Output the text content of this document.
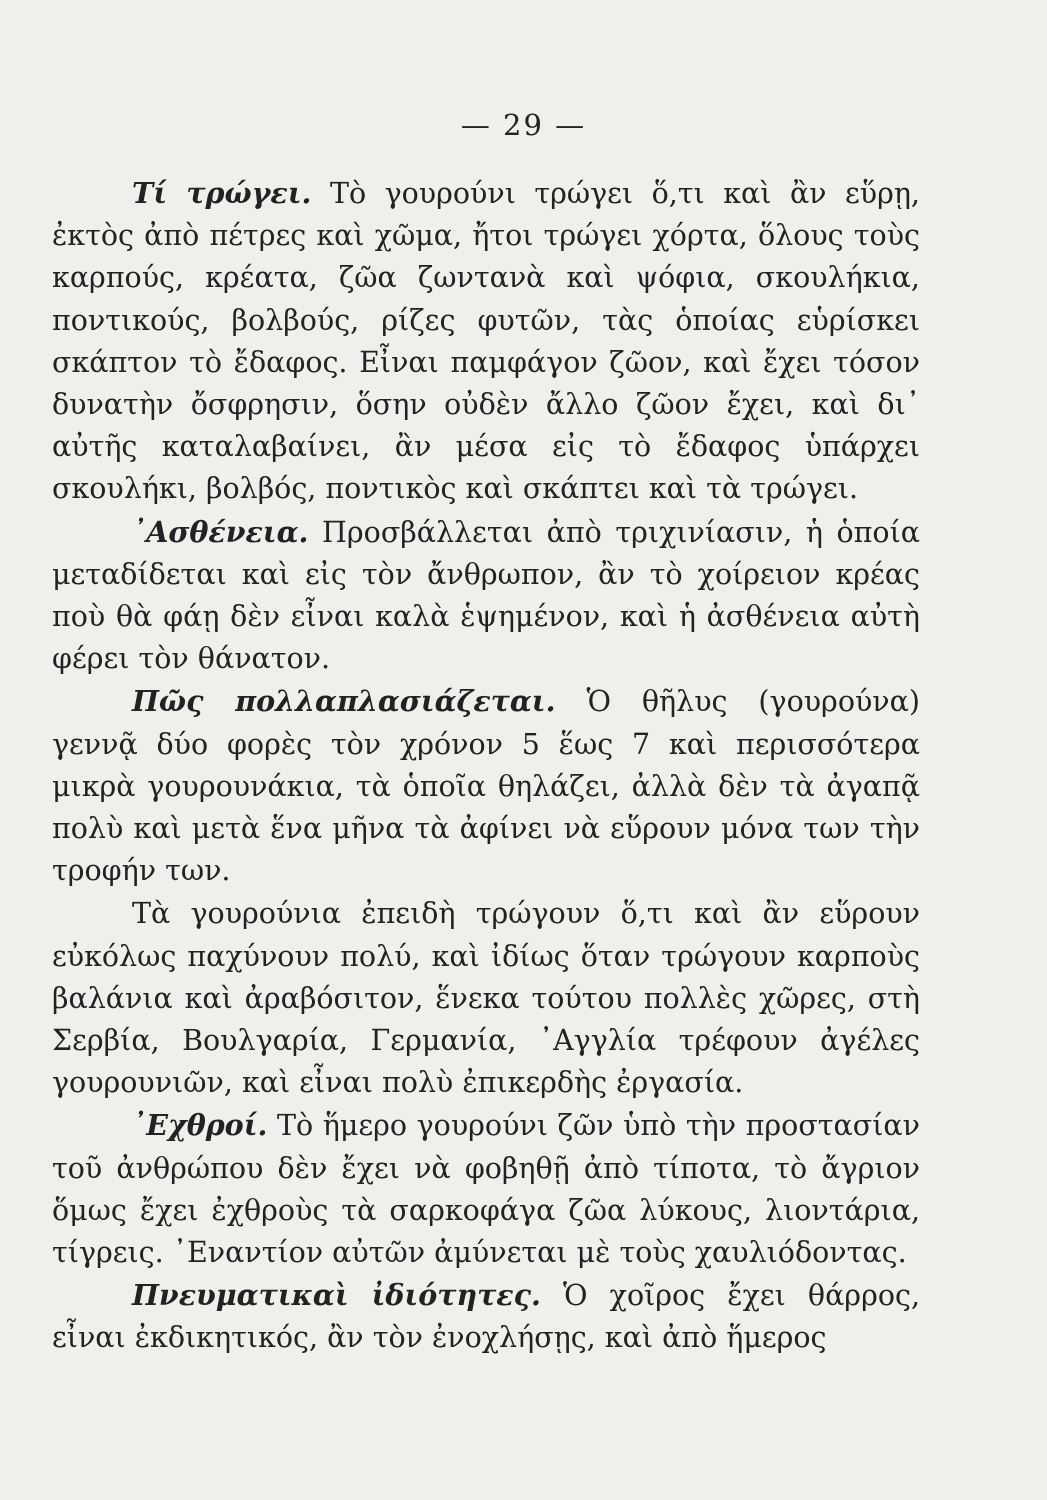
— 29 —

Τί τρώγει. Τὸ γουρούνι τρώγει ὅ,τι καὶ ἂν εὕρῃ, ἐκτὸς ἀπὸ πέτρες καὶ χῶμα, ἤτοι τρώγει χόρτα, ὅλους τοὺς καρπούς, κρέατα, ζῶα ζωντανὰ καὶ ψόφια, σκουλήκια, ποντικούς, βολβούς, ρίζες φυτῶν, τὰς ὁποίας εὑρίσκει σκάπτον τὸ ἔδαφος. Εἶναι παμφάγον ζῶον, καὶ ἔχει τόσον δυνατὴν ὄσφρησιν, ὅσην οὐδὲν ἄλλο ζῶον ἔχει, καὶ δι᾽ αὐτῆς καταλαβαίνει, ἂν μέσα εἰς τὸ ἔδαφος ὑπάρχει σκουλήκι, βολβός, ποντικὸς καὶ σκάπτει καὶ τὰ τρώγει.

᾿Ασθένεια. Προσβάλλεται ἀπὸ τριχινίασιν, ἡ ὁποία μεταδίδεται καὶ εἰς τὸν ἄνθρωπον, ἂν τὸ χοίρειον κρέας ποὺ θὰ φάῃ δὲν εἶναι καλὰ ἑψημένον, καὶ ἡ ἀσθένεια αὐτὴ φέρει τὸν θάνατον.

Πῶς πολλαπλασιάζεται. Ὁ θῆλυς (γουρούνα) γεννᾷ δύο φορὲς τὸν χρόνον 5 ἕως 7 καὶ περισσότερα μικρὰ γουρουνάκια, τὰ ὁποῖα θηλάζει, ἀλλὰ δὲν τὰ ἀγαπᾷ πολὺ καὶ μετὰ ἕνα μῆνα τὰ ἀφίνει νὰ εὕρουν μόνα των τὴν τροφήν των.

Τὰ γουρούνια ἐπειδὴ τρώγουν ὅ,τι καὶ ἂν εὕρουν εὐκόλως παχύνουν πολύ, καὶ ἰδίως ὅταν τρώγουν καρποὺς βαλάνια καὶ ἀραβόσιτον, ἕνεκα τούτου πολλὲς χῶρες, στὴ Σερβία, Βουλγαρία, Γερμανία, ᾿Αγγλία τρέφουν ἀγέλες γουρουνιῶν, καὶ εἶναι πολὺ ἐπικερδὴς ἐργασία.

᾿Εχθροί. Τὸ ἥμερο γουρούνι ζῶν ὑπὸ τὴν προστασίαν τοῦ ἀνθρώπου δὲν ἔχει νὰ φοβηθῇ ἀπὸ τίποτα, τὸ ἄγριον ὅμως ἔχει ἐχθροὺς τὰ σαρκοφάγα ζῶα λύκους, λιοντάρια, τίγρεις. ᾿Εναντίον αὐτῶν ἀμύνεται μὲ τοὺς χαυλιόδοντας.

Πνευματικαὶ ἰδιότητες. Ὁ χοῖρος ἔχει θάρρος, εἶναι ἐκδικητικός, ἂν τὸν ἐνοχλήσῃς, καὶ ἀπὸ ἥμερος
